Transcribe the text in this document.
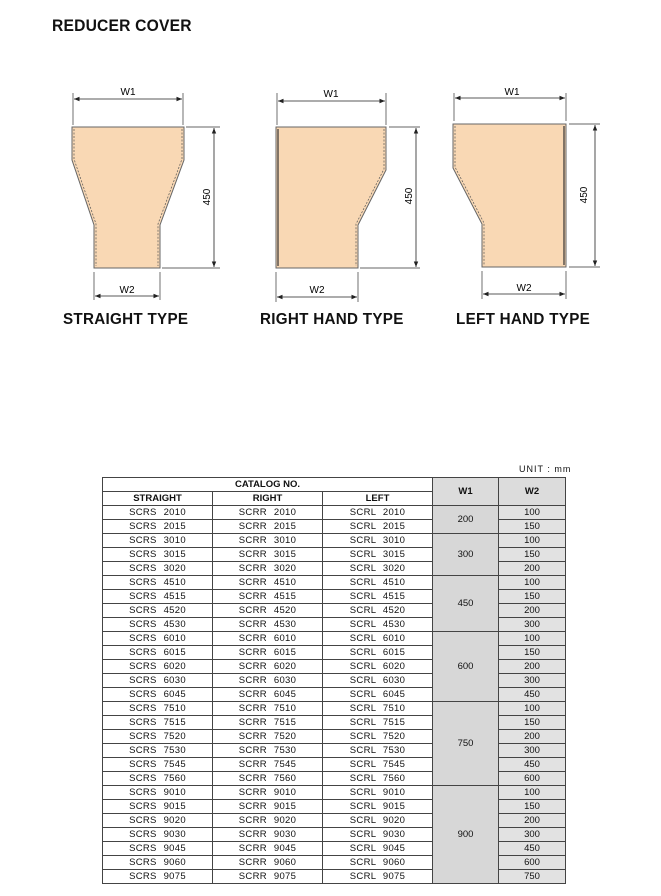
REDUCER COVER
W1
450
W2
W1
450
W2
W1
450
W2
STRAIGHT TYPE	RIGHT HAND TYPE	LEFT HAND TYPE
UNIT : mm
CATALOG NO.			W1	W2
STRAIGHT	RIGHT	LEFT		
SCRS 2010	SCRR 2010	SCRL 2010	200	100
SCRS 2015	SCRR 2015	SCRL 2015		150
SCRS 3010	SCRR 3010	SCRL 3010	300	100
SCRS 3015	SCRR 3015	SCRL 3015		150
SCRS 3020	SCRR 3020	SCRL 3020		200
SCRS 4510	SCRR 4510	SCRL 4510	450	100
SCRS 4515	SCRR 4515	SCRL 4515		150
SCRS 4520	SCRR 4520	SCRL 4520		200
SCRS 4530	SCRR 4530	SCRL 4530		300
SCRS 6010	SCRR 6010	SCRL 6010	600	100
SCRS 6015	SCRR 6015	SCRL 6015		150
SCRS 6020	SCRR 6020	SCRL 6020		200
SCRS 6030	SCRR 6030	SCRL 6030		300
SCRS 6045	SCRR 6045	SCRL 6045		450
SCRS 7510	SCRR 7510	SCRL 7510	750	100
SCRS 7515	SCRR 7515	SCRL 7515		150
SCRS 7520	SCRR 7520	SCRL 7520		200
SCRS 7530	SCRR 7530	SCRL 7530		300
SCRS 7545	SCRR 7545	SCRL 7545		450
SCRS 7560	SCRR 7560	SCRL 7560		600
SCRS 9010	SCRR 9010	SCRL 9010	900	100
SCRS 9015	SCRR 9015	SCRL 9015		150
SCRS 9020	SCRR 9020	SCRL 9020		200
SCRS 9030	SCRR 9030	SCRL 9030		300
SCRS 9045	SCRR 9045	SCRL 9045		450
SCRS 9060	SCRR 9060	SCRL 9060		600
SCRS 9075	SCRR 9075	SCRL 9075		750
